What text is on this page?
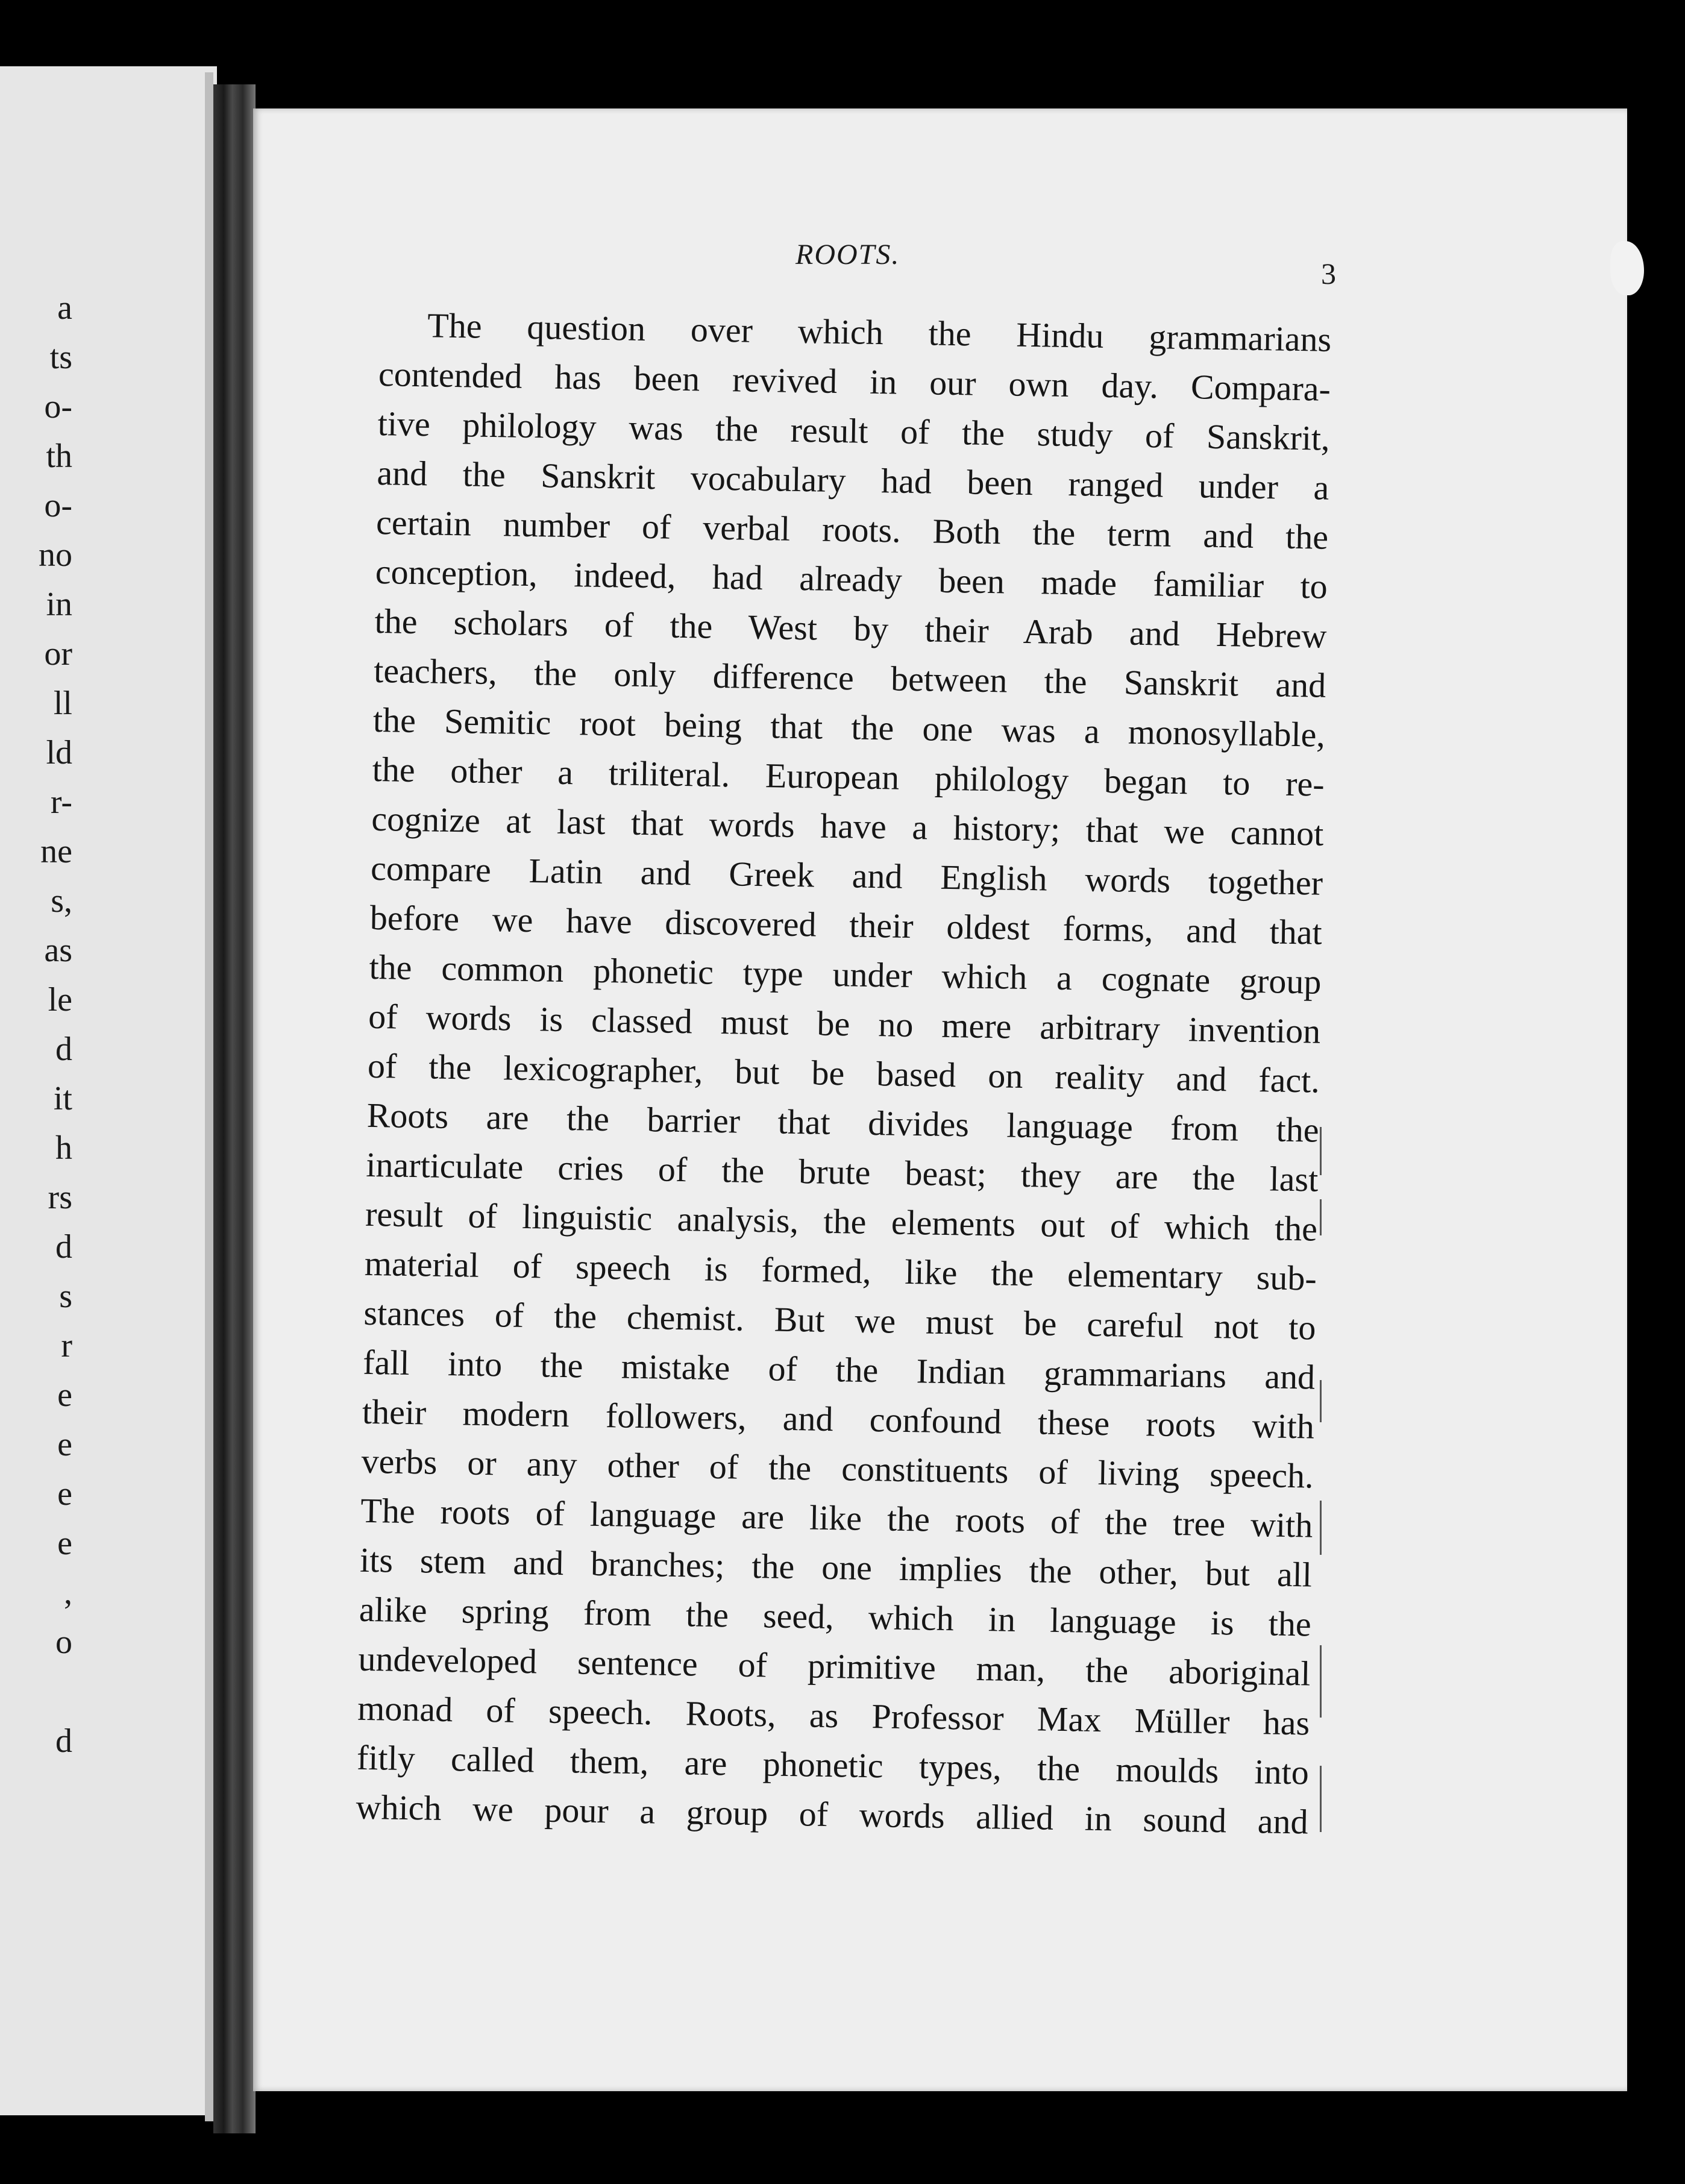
a
ts
o-
th
o-
no
in
or
ll
ld
r-
ne
s,
as
le
d
it
h
rs
d
s
r
e
e
e
e
,
o
d
ROOTS.
3
The question over which the Hindu grammarians
contended has been revived in our own day. Compara-
tive philology was the result of the study of Sanskrit,
and the Sanskrit vocabulary had been ranged under a
certain number of verbal roots. Both the term and the
conception, indeed, had already been made familiar to
the scholars of the West by their Arab and Hebrew
teachers, the only difference between the Sanskrit and
the Semitic root being that the one was a monosyllable,
the other a triliteral. European philology began to re-
cognize at last that words have a history; that we cannot
compare Latin and Greek and English words together
before we have discovered their oldest forms, and that
the common phonetic type under which a cognate group
of words is classed must be no mere arbitrary invention
of the lexicographer, but be based on reality and fact.
Roots are the barrier that divides language from the
inarticulate cries of the brute beast; they are the last
result of linguistic analysis, the elements out of which the
material of speech is formed, like the elementary sub-
stances of the chemist. But we must be careful not to
fall into the mistake of the Indian grammarians and
their modern followers, and confound these roots with
verbs or any other of the constituents of living speech.
The roots of language are like the roots of the tree with
its stem and branches; the one implies the other, but all
alike spring from the seed, which in language is the
undeveloped sentence of primitive man, the aboriginal
monad of speech. Roots, as Professor Max Müller has
fitly called them, are phonetic types, the moulds into
which we pour a group of words allied in sound and
